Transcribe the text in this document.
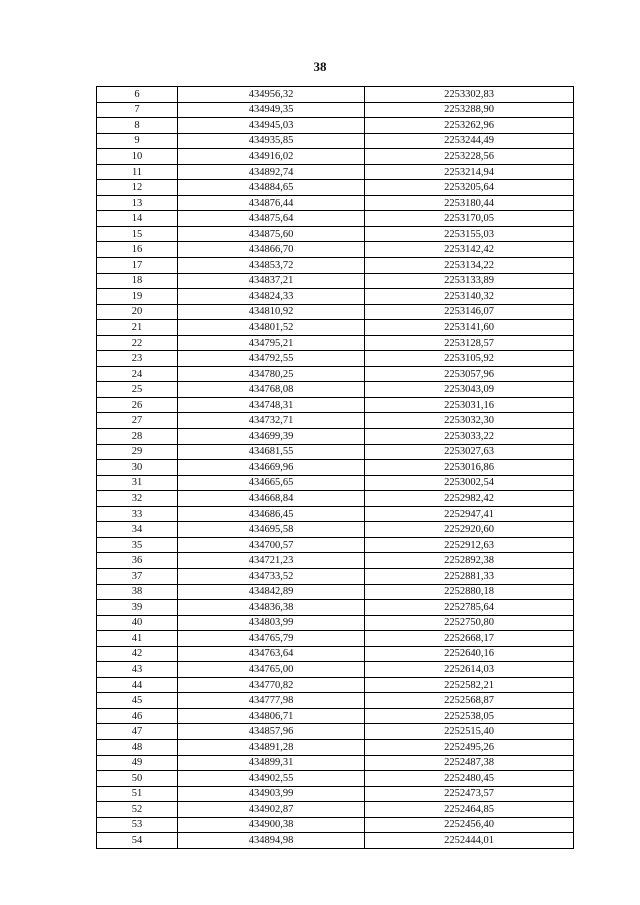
38
6	434956,32	2253302,83
7	434949,35	2253288,90
8	434945,03	2253262,96
9	434935,85	2253244,49
10	434916,02	2253228,56
11	434892,74	2253214,94
12	434884,65	2253205,64
13	434876,44	2253180,44
14	434875,64	2253170,05
15	434875,60	2253155,03
16	434866,70	2253142,42
17	434853,72	2253134,22
18	434837,21	2253133,89
19	434824,33	2253140,32
20	434810,92	2253146,07
21	434801,52	2253141,60
22	434795,21	2253128,57
23	434792,55	2253105,92
24	434780,25	2253057,96
25	434768,08	2253043,09
26	434748,31	2253031,16
27	434732,71	2253032,30
28	434699,39	2253033,22
29	434681,55	2253027,63
30	434669,96	2253016,86
31	434665,65	2253002,54
32	434668,84	2252982,42
33	434686,45	2252947,41
34	434695,58	2252920,60
35	434700,57	2252912,63
36	434721,23	2252892,38
37	434733,52	2252881,33
38	434842,89	2252880,18
39	434836,38	2252785,64
40	434803,99	2252750,80
41	434765,79	2252668,17
42	434763,64	2252640,16
43	434765,00	2252614,03
44	434770,82	2252582,21
45	434777,98	2252568,87
46	434806,71	2252538,05
47	434857,96	2252515,40
48	434891,28	2252495,26
49	434899,31	2252487,38
50	434902,55	2252480,45
51	434903,99	2252473,57
52	434902,87	2252464,85
53	434900,38	2252456,40
54	434894,98	2252444,01
